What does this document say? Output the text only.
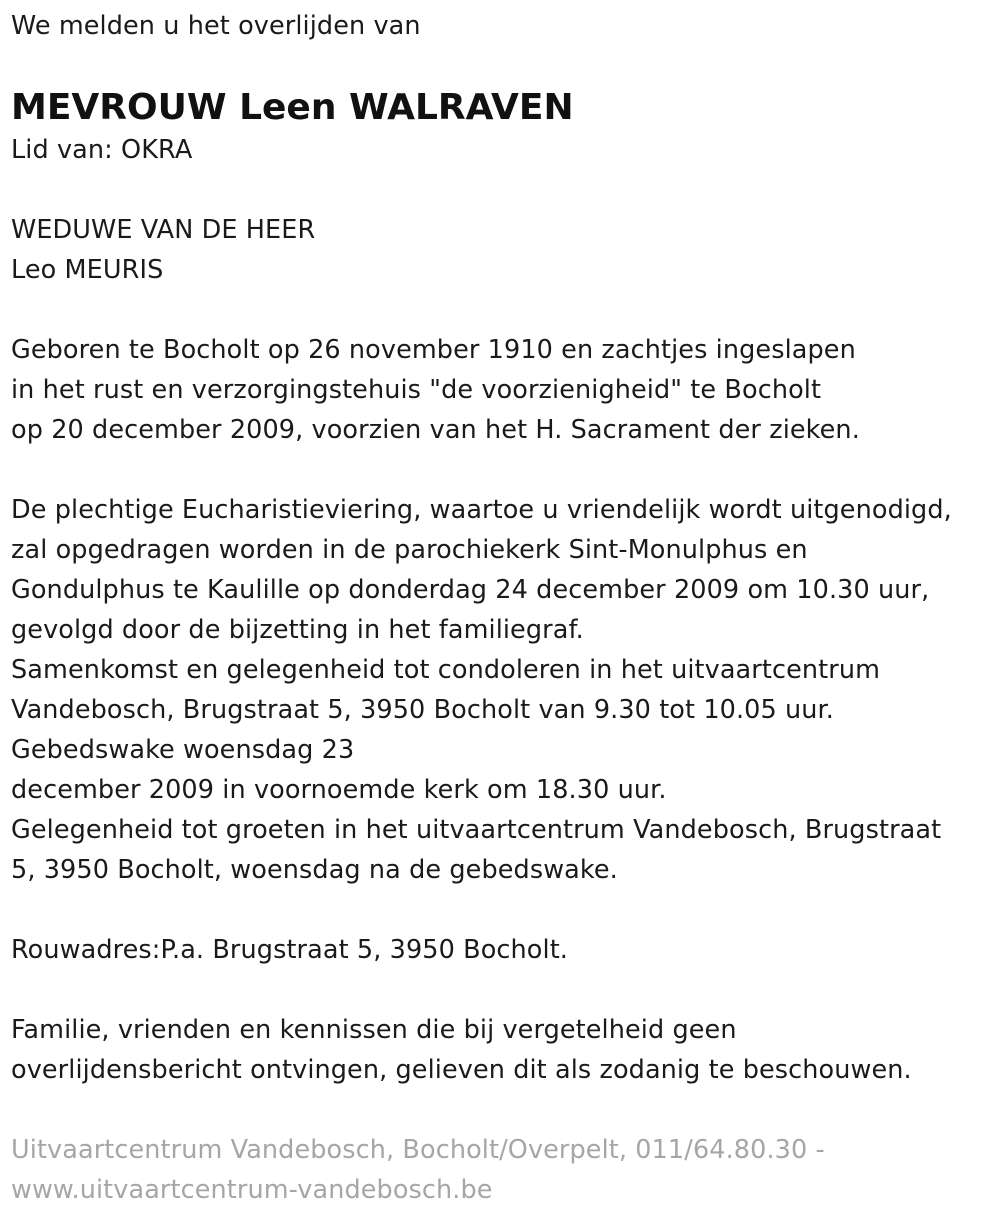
We melden u het overlijden van
MEVROUW Leen WALRAVEN
Lid van: OKRA
WEDUWE VAN DE HEER
Leo MEURIS
Geboren te Bocholt op 26 november 1910 en zachtjes ingeslapen
in het rust en verzorgingstehuis "de voorzienigheid" te Bocholt
op 20 december 2009, voorzien van het H. Sacrament der zieken.
De plechtige Eucharistieviering, waartoe u vriendelijk wordt uitgenodigd,
zal opgedragen worden in de parochiekerk Sint-Monulphus en
Gondulphus te Kaulille op donderdag 24 december 2009 om 10.30 uur,
gevolgd door de bijzetting in het familiegraf.
Samenkomst en gelegenheid tot condoleren in het uitvaartcentrum
Vandebosch, Brugstraat 5, 3950 Bocholt van 9.30 tot 10.05 uur.
Gebedswake woensdag 23
december 2009 in voornoemde kerk om 18.30 uur.
Gelegenheid tot groeten in het uitvaartcentrum Vandebosch, Brugstraat
5, 3950 Bocholt, woensdag na de gebedswake.
Rouwadres:P.a. Brugstraat 5, 3950 Bocholt.
Familie, vrienden en kennissen die bij vergetelheid geen
overlijdensbericht ontvingen, gelieven dit als zodanig te beschouwen.
Uitvaartcentrum Vandebosch, Bocholt/Overpelt, 011/64.80.30 -
www.uitvaartcentrum-vandebosch.be
